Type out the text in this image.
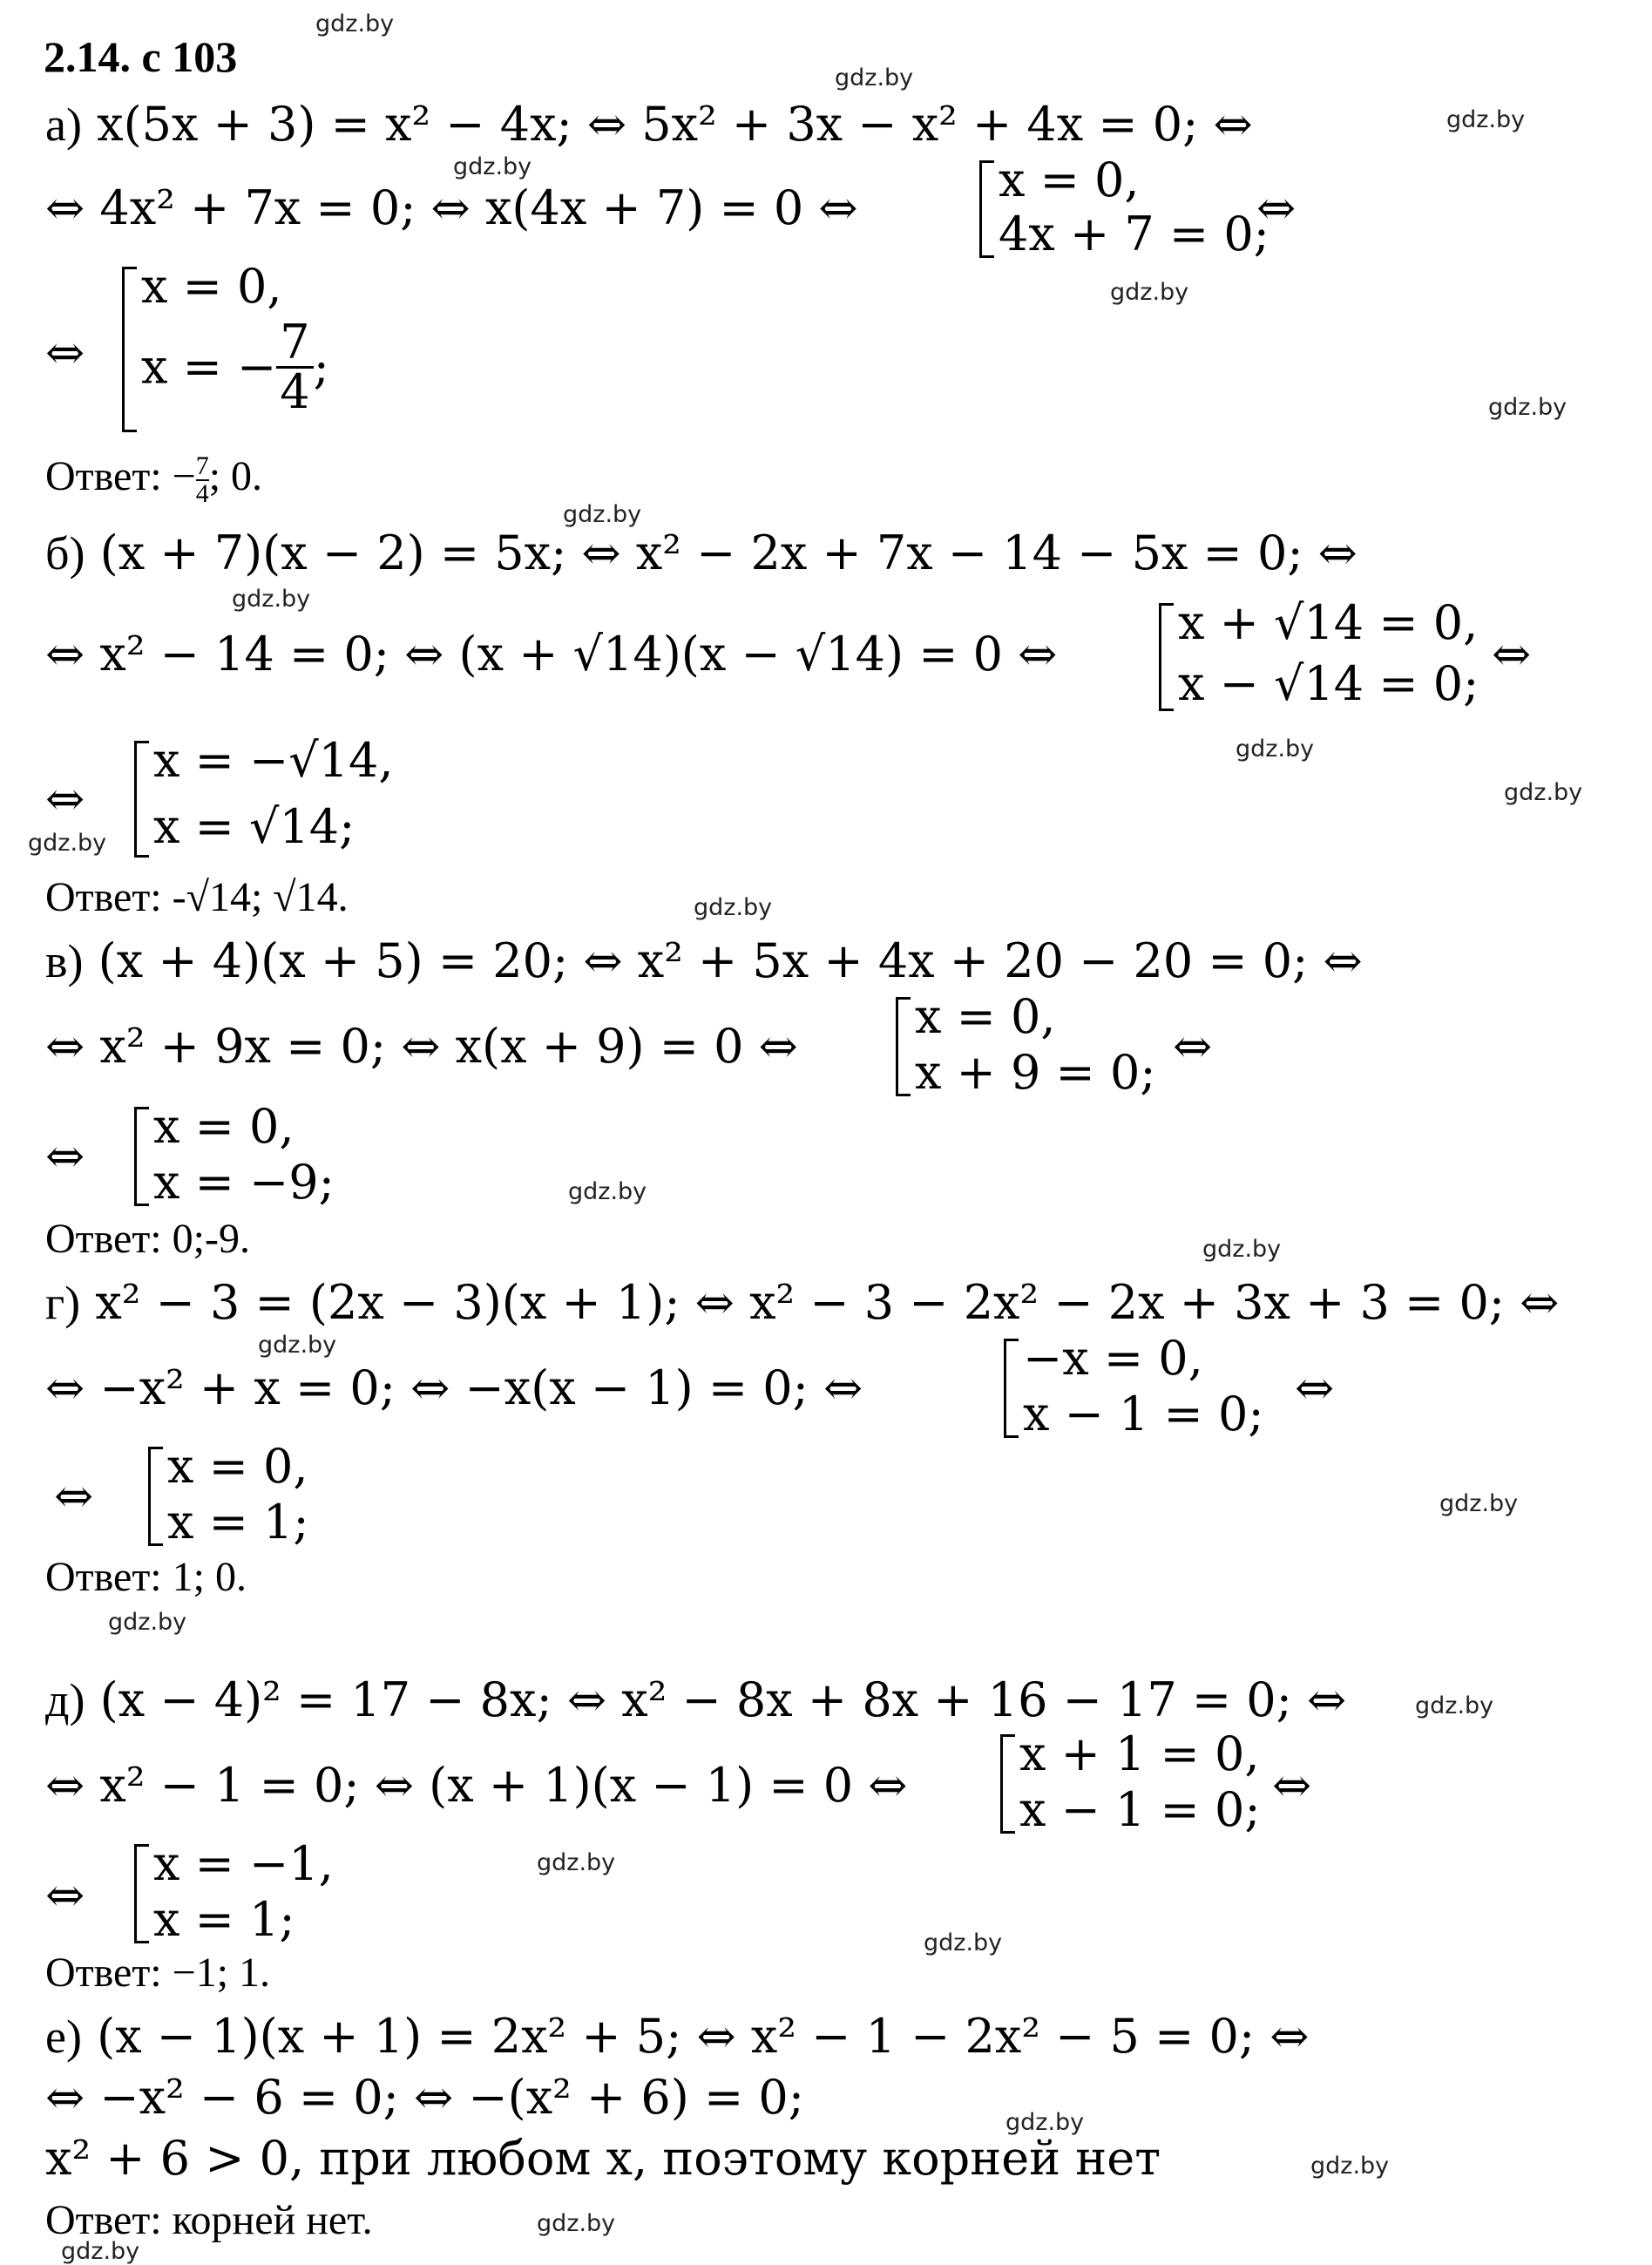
2.14. с 103
gdz.by
gdz.by
gdz.by
gdz.by
gdz.by
gdz.by
gdz.by
gdz.by
gdz.by
gdz.by
gdz.by
gdz.by
gdz.by
gdz.by
gdz.by
gdz.by
gdz.by
gdz.by
gdz.by
gdz.by
gdz.by
gdz.by
gdz.by
gdz.by
а) x(5x + 3) = x² − 4x; ⇔ 5x² + 3x − x² + 4x = 0; ⇔
⇔ 4x² + 7x = 0; ⇔ x(4x + 7) = 0 ⇔
x = 0,
4x + 7 = 0;
⇔
⇔
x = 0,
x = − $\frac{7}{4}$ ;
Ответ: − $\frac{7}{4}$ ; 0.
б) (x + 7)(x − 2) = 5x; ⇔ x² − 2x + 7x − 14 − 5x = 0; ⇔
⇔ x² − 14 = 0; ⇔ (x + √14)(x − √14) = 0 ⇔
x + √14 = 0,
x − √14 = 0;
⇔
⇔
x = −√14,
x = √14;
Ответ: -√14; √14.
в) (x + 4)(x + 5) = 20; ⇔ x² + 5x + 4x + 20 − 20 = 0; ⇔
⇔ x² + 9x = 0; ⇔ x(x + 9) = 0 ⇔
x = 0,
x + 9 = 0; ⇔
⇔
x = 0,
x = −9;
Ответ: 0;-9.
г) x² − 3 = (2x − 3)(x + 1); ⇔ x² − 3 − 2x² − 2x + 3x + 3 = 0; ⇔
⇔ −x² + x = 0; ⇔ −x(x − 1) = 0; ⇔
−x = 0,
x − 1 = 0; ⇔
⇔
x = 0,
x = 1;
Ответ: 1; 0.
д) (x − 4)² = 17 − 8x; ⇔ x² − 8x + 8x + 16 − 17 = 0; ⇔
⇔ x² − 1 = 0; ⇔ (x + 1)(x − 1) = 0 ⇔
x + 1 = 0,
x − 1 = 0; ⇔
⇔
x = −1,
x = 1;
Ответ: −1; 1.
е) (x − 1)(x + 1) = 2x² + 5; ⇔ x² − 1 − 2x² − 5 = 0; ⇔
⇔ −x² − 6 = 0; ⇔ −(x² + 6) = 0;
x² + 6 > 0, при любом x, поэтому корней нет
Ответ: корней нет.
